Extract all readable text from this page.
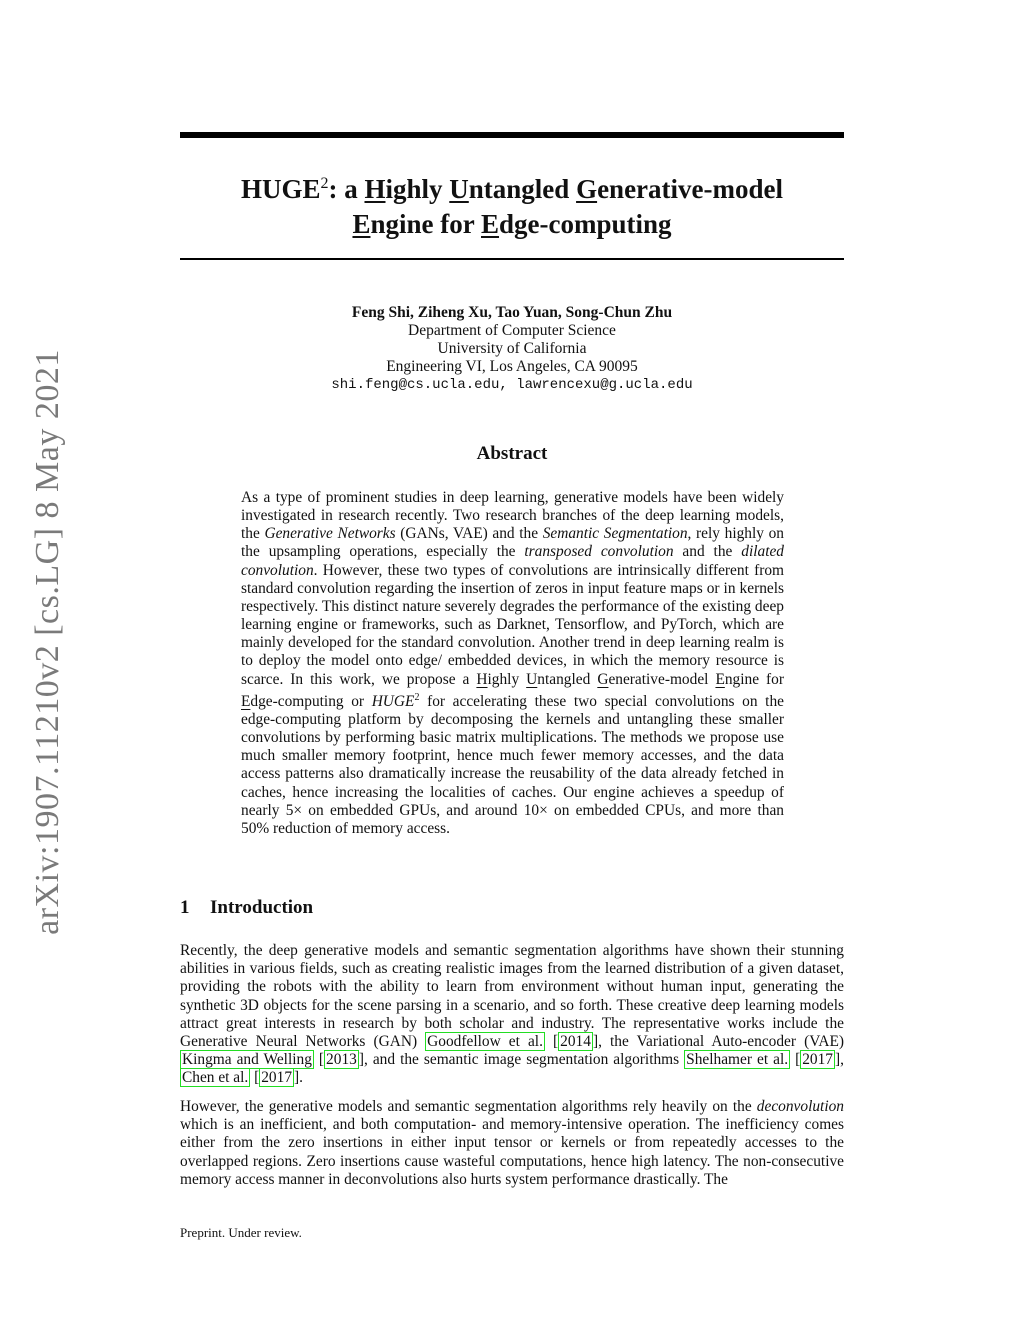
arXiv:1907.11210v2 [cs.LG] 8 May 2021
HUGE$^2$: a Highly Untangled Generative-model
Engine for Edge-computing
Feng Shi, Ziheng Xu, Tao Yuan, Song-Chun Zhu
Department of Computer Science
University of California
Engineering VI, Los Angeles, CA 90095
shi.feng@cs.ucla.edu, lawrencexu@g.ucla.edu
Abstract
As a type of prominent studies in deep learning, generative models have been widely investigated in research recently. Two research branches of the deep learning models, the Generative Networks (GANs, VAE) and the Semantic Segmentation, rely highly on the upsampling operations, especially the transposed convolution and the dilated convolution. However, these two types of convolutions are intrinsically different from standard convolution regarding the insertion of zeros in input feature maps or in kernels respectively. This distinct nature severely degrades the performance of the existing deep learning engine or frameworks, such as Darknet, Tensorflow, and PyTorch, which are mainly developed for the standard convolution. Another trend in deep learning realm is to deploy the model onto edge/ embedded devices, in which the memory resource is scarce. In this work, we propose a Highly Untangled Generative-model Engine for Edge-computing or HUGE$^2$ for accelerating these two special convolutions on the edge-computing platform by decomposing the kernels and untangling these smaller convolutions by performing basic matrix multiplications. The methods we propose use much smaller memory footprint, hence much fewer memory accesses, and the data access patterns also dramatically increase the reusability of the data already fetched in caches, hence increasing the localities of caches. Our engine achieves a speedup of nearly 5× on embedded GPUs, and around 10× on embedded CPUs, and more than 50% reduction of memory access.
1 Introduction
Recently, the deep generative models and semantic segmentation algorithms have shown their stunning abilities in various fields, such as creating realistic images from the learned distribution of a given dataset, providing the robots with the ability to learn from environment without human input, generating the synthetic 3D objects for the scene parsing in a scenario, and so forth. These creative deep learning models attract great interests in research by both scholar and industry. The representative works include the Generative Neural Networks (GAN) Goodfellow et al. [ 2014 ], the Variational Auto-encoder (VAE) Kingma and Welling [ 2013 ], and the semantic image segmentation algorithms Shelhamer et al. [ 2017 ], Chen et al. [ 2017 ].
However, the generative models and semantic segmentation algorithms rely heavily on the deconvolution which is an inefficient, and both computation- and memory-intensive operation. The inefficiency comes either from the zero insertions in either input tensor or kernels or from repeatedly accesses to the overlapped regions. Zero insertions cause wasteful computations, hence high latency. The non-consecutive memory access manner in deconvolutions also hurts system performance drastically. The
Preprint. Under review.
